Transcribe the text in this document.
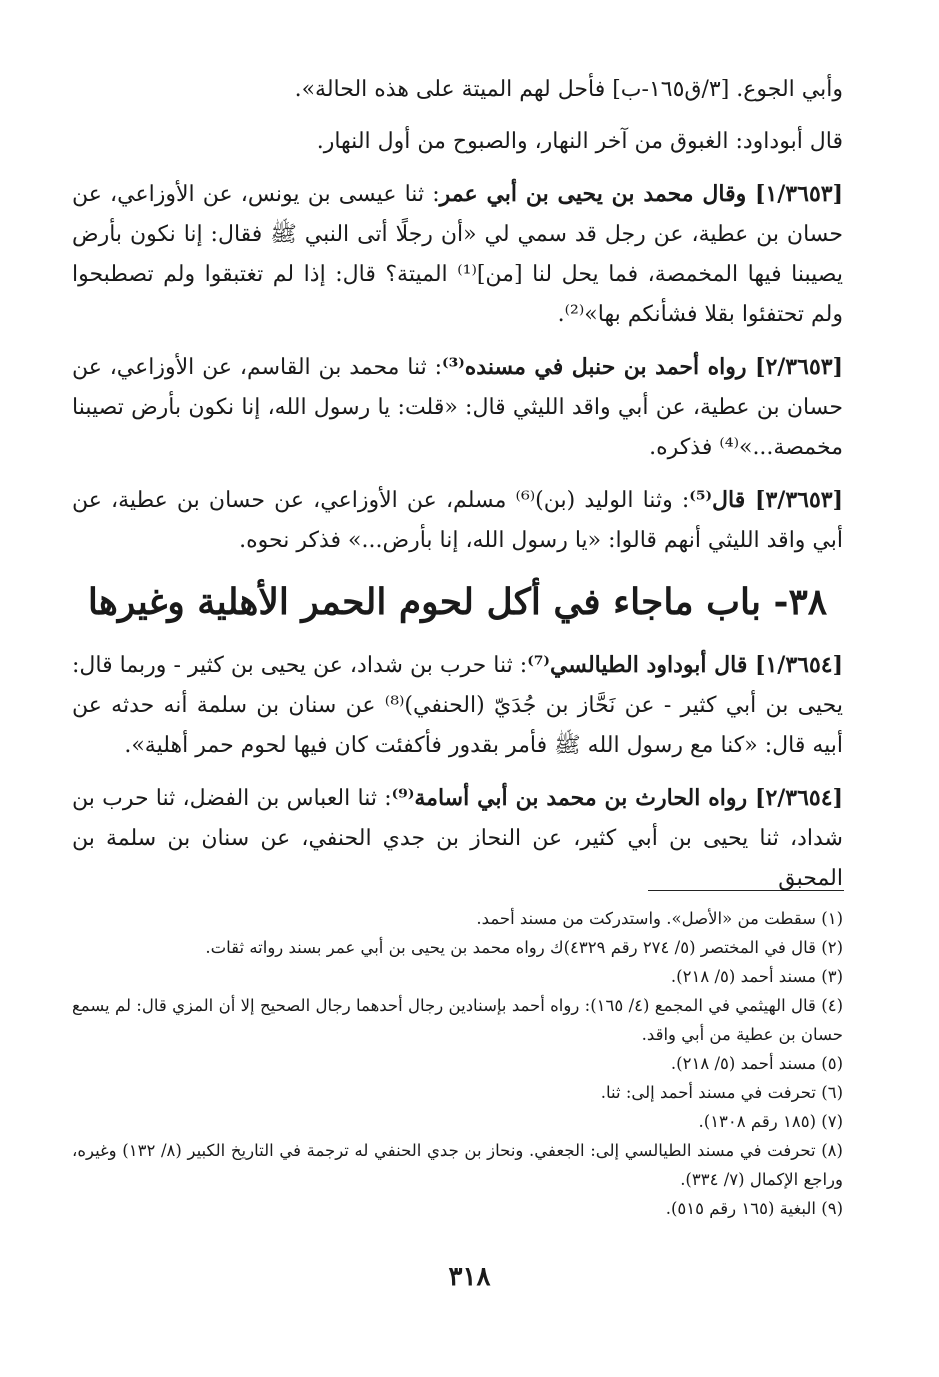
وأبي الجوع. [٣/ق١٦٥-ب] فأحل لهم الميتة على هذه الحالة».

قال أبوداود: الغبوق من آخر النهار، والصبوح من أول النهار.

[١/٣٦٥٣] وقال محمد بن يحيى بن أبي عمر: ثنا عيسى بن يونس، عن الأوزاعي، عن حسان بن عطية، عن رجل قد سمي لي «أن رجلًا أتى النبي ﷺ فقال: إنا نكون بأرض يصيبنا فيها المخمصة، فما يحل لنا [من]⁽¹⁾ الميتة؟ قال: إذا لم تغتبقوا ولم تصطبحوا ولم تحتفئوا بقلا فشأنكم بها»⁽²⁾.

[٢/٣٦٥٣] رواه أحمد بن حنبل في مسنده⁽³⁾: ثنا محمد بن القاسم، عن الأوزاعي، عن حسان بن عطية، عن أبي واقد الليثي قال: «قلت: يا رسول الله، إنا نكون بأرض تصيبنا مخمصة...»⁽⁴⁾ فذكره.

[٣/٣٦٥٣] قال⁽⁵⁾: وثنا الوليد (بن)⁽⁶⁾ مسلم، عن الأوزاعي، عن حسان بن عطية، عن أبي واقد الليثي أنهم قالوا: «يا رسول الله، إنا بأرض...» فذكر نحوه.

٣٨- باب ماجاء في أكل لحوم الحمر الأهلية وغيرها

[١/٣٦٥٤] قال أبوداود الطيالسي⁽⁷⁾: ثنا حرب بن شداد، عن يحيى بن كثير - وربما قال: يحيى بن أبي كثير - عن نَحَّاز بن جُدَيّ (الحنفي)⁽⁸⁾ عن سنان بن سلمة أنه حدثه عن أبيه قال: «كنا مع رسول الله ﷺ فأمر بقدور فأكفئت كان فيها لحوم حمر أهلية».

[٢/٣٦٥٤] رواه الحارث بن محمد بن أبي أسامة⁽⁹⁾: ثنا العباس بن الفضل، ثنا حرب بن شداد، ثنا يحيى بن أبي كثير، عن النحاز بن جدي الحنفي، عن سنان بن سلمة بن المحبق

(١) سقطت من «الأصل». واستدركت من مسند أحمد.

(٢) قال في المختصر (٥/ ٢٧٤ رقم ٤٣٢٩)ك رواه محمد بن يحيى بن أبي عمر بسند رواته ثقات.

(٣) مسند أحمد (٥/ ٢١٨).

(٤) قال الهيثمي في المجمع (٤/ ١٦٥): رواه أحمد بإسنادين رجال أحدهما رجال الصحيح إلا أن المزي قال: لم يسمع حسان بن عطية من أبي واقد.

(٥) مسند أحمد (٥/ ٢١٨).

(٦) تحرفت في مسند أحمد إلى: ثنا.

(٧) (١٨٥ رقم ١٣٠٨).

(٨) تحرفت في مسند الطيالسي إلى: الجعفي. ونحاز بن جدي الحنفي له ترجمة في التاريخ الكبير (٨/ ١٣٢) وغيره، وراجع الإكمال (٧/ ٣٣٤).

(٩) البغية (١٦٥ رقم ٥١٥).

٣١٨
